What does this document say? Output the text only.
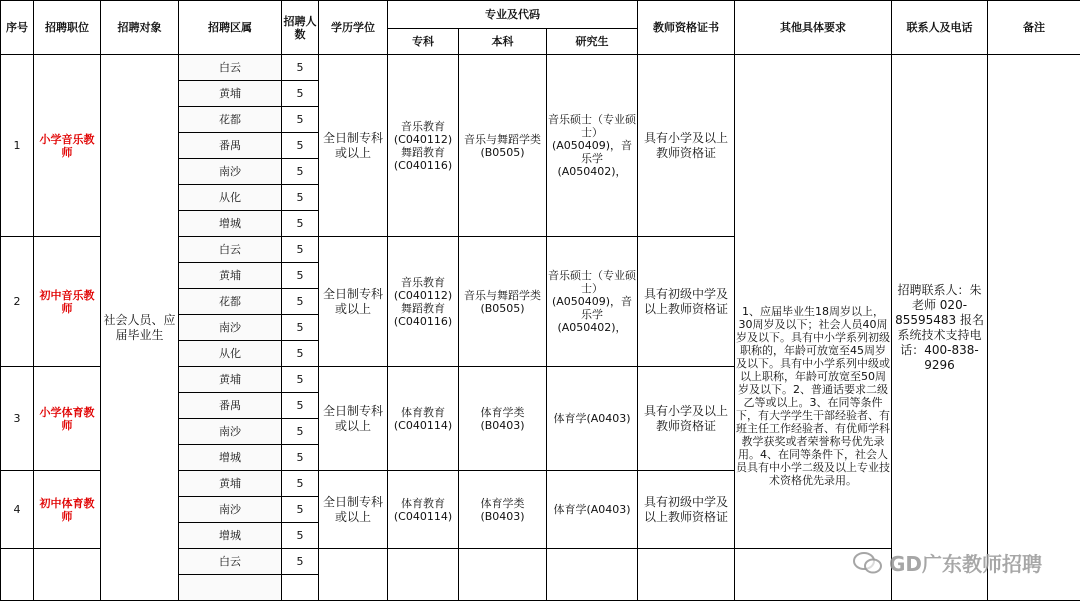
序号	招聘职位	招聘对象	招聘区属	招聘人数	学历学位	专业及代码			教师资格证书	其他具体要求	联系人及电话	备注
						专科	本科	研究生				
1	小学音乐教师	社会人员、应届毕业生	白云	5	全日制专科或以上	音乐教育(C040112)舞蹈教育(C040116)	音乐与舞蹈学类(B0505)	音乐硕士（专业硕士）(A050409)，音乐学(A050402)，	具有小学及以上教师资格证	1、应届毕业生18周岁以上，30周岁及以下；社会人员40周岁及以下。具有中小学系列初级职称的，年龄可放宽至45周岁及以下。具有中小学系列中级或以上职称，年龄可放宽至50周岁及以下。2、普通话要求二级乙等或以上。3、在同等条件下，有大学学生干部经验者、有班主任工作经验者、有优师学科教学获奖或者荣誉称号优先录用。4、在同等条件下，社会人员具有中小学二级及以上专业技术资格优先录用。	招聘联系人：朱老师 020-85595483 报名系统技术支持电话：400-838-9296	
			黄埔	5								
			花都	5								
			番禺	5								
			南沙	5								
			从化	5								
			增城	5								
2	初中音乐教师		白云	5	全日制专科或以上	音乐教育(C040112)舞蹈教育(C040116)	音乐与舞蹈学类(B0505)	音乐硕士（专业硕士）(A050409)，音乐学(A050402)，	具有初级中学及以上教师资格证			
			黄埔	5								
			花都	5								
			南沙	5								
			从化	5								
3	小学体育教师		黄埔	5	全日制专科或以上	体育教育(C040114)	体育学类(B0403)	体育学(A0403)	具有小学及以上教师资格证			
			番禺	5								
			南沙	5								
			增城	5								
4	初中体育教师		黄埔	5	全日制专科或以上	体育教育(C040114)	体育学类(B0403)	体育学(A0403)	具有初级中学及以上教师资格证			
			南沙	5								
			增城	5								
			白云	5								
		GD广东教师招聘
